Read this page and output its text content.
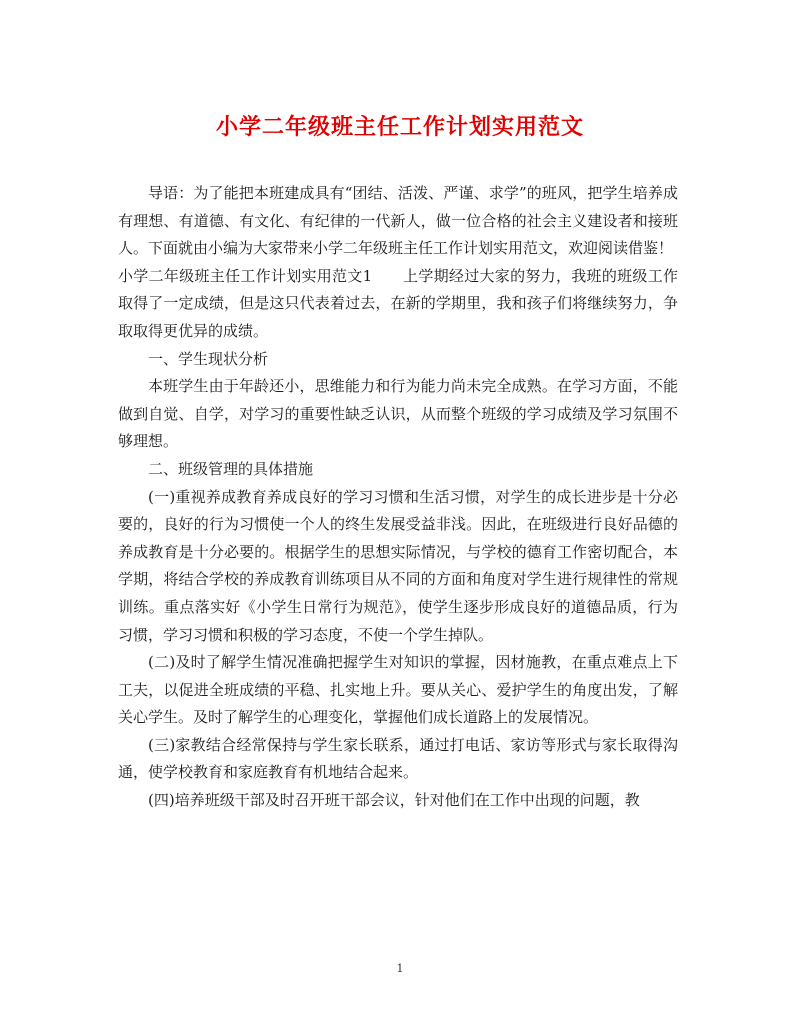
小学二年级班主任工作计划实用范文

导语：为了能把本班建成具有“团结、活泼、严谨、求学”的班风，把学生培养成有理想、有道德、有文化、有纪律的一代新人，做一位合格的社会主义建设者和接班人。下面就由小编为大家带来小学二年级班主任工作计划实用范文，欢迎阅读借鉴！

小学二年级班主任工作计划实用范文1　　上学期经过大家的努力，我班的班级工作取得了一定成绩，但是这只代表着过去，在新的学期里，我和孩子们将继续努力，争取取得更优异的成绩。

一、学生现状分析

本班学生由于年龄还小，思维能力和行为能力尚未完全成熟。在学习方面，不能做到自觉、自学，对学习的重要性缺乏认识，从而整个班级的学习成绩及学习氛围不够理想。

二、班级管理的具体措施

(一)重视养成教育养成良好的学习习惯和生活习惯，对学生的成长进步是十分必要的，良好的行为习惯使一个人的终生发展受益非浅。因此，在班级进行良好品德的养成教育是十分必要的。根据学生的思想实际情况，与学校的德育工作密切配合，本学期，将结合学校的养成教育训练项目从不同的方面和角度对学生进行规律性的常规训练。重点落实好《小学生日常行为规范》，使学生逐步形成良好的道德品质，行为习惯，学习习惯和积极的学习态度，不使一个学生掉队。

(二)及时了解学生情况准确把握学生对知识的掌握，因材施教，在重点难点上下工夫，以促进全班成绩的平稳、扎实地上升。要从关心、爱护学生的角度出发，了解关心学生。及时了解学生的心理变化，掌握他们成长道路上的发展情况。

(三)家教结合经常保持与学生家长联系，通过打电话、家访等形式与家长取得沟通，使学校教育和家庭教育有机地结合起来。

(四)培养班级干部及时召开班干部会议，针对他们在工作中出现的问题，教

1
